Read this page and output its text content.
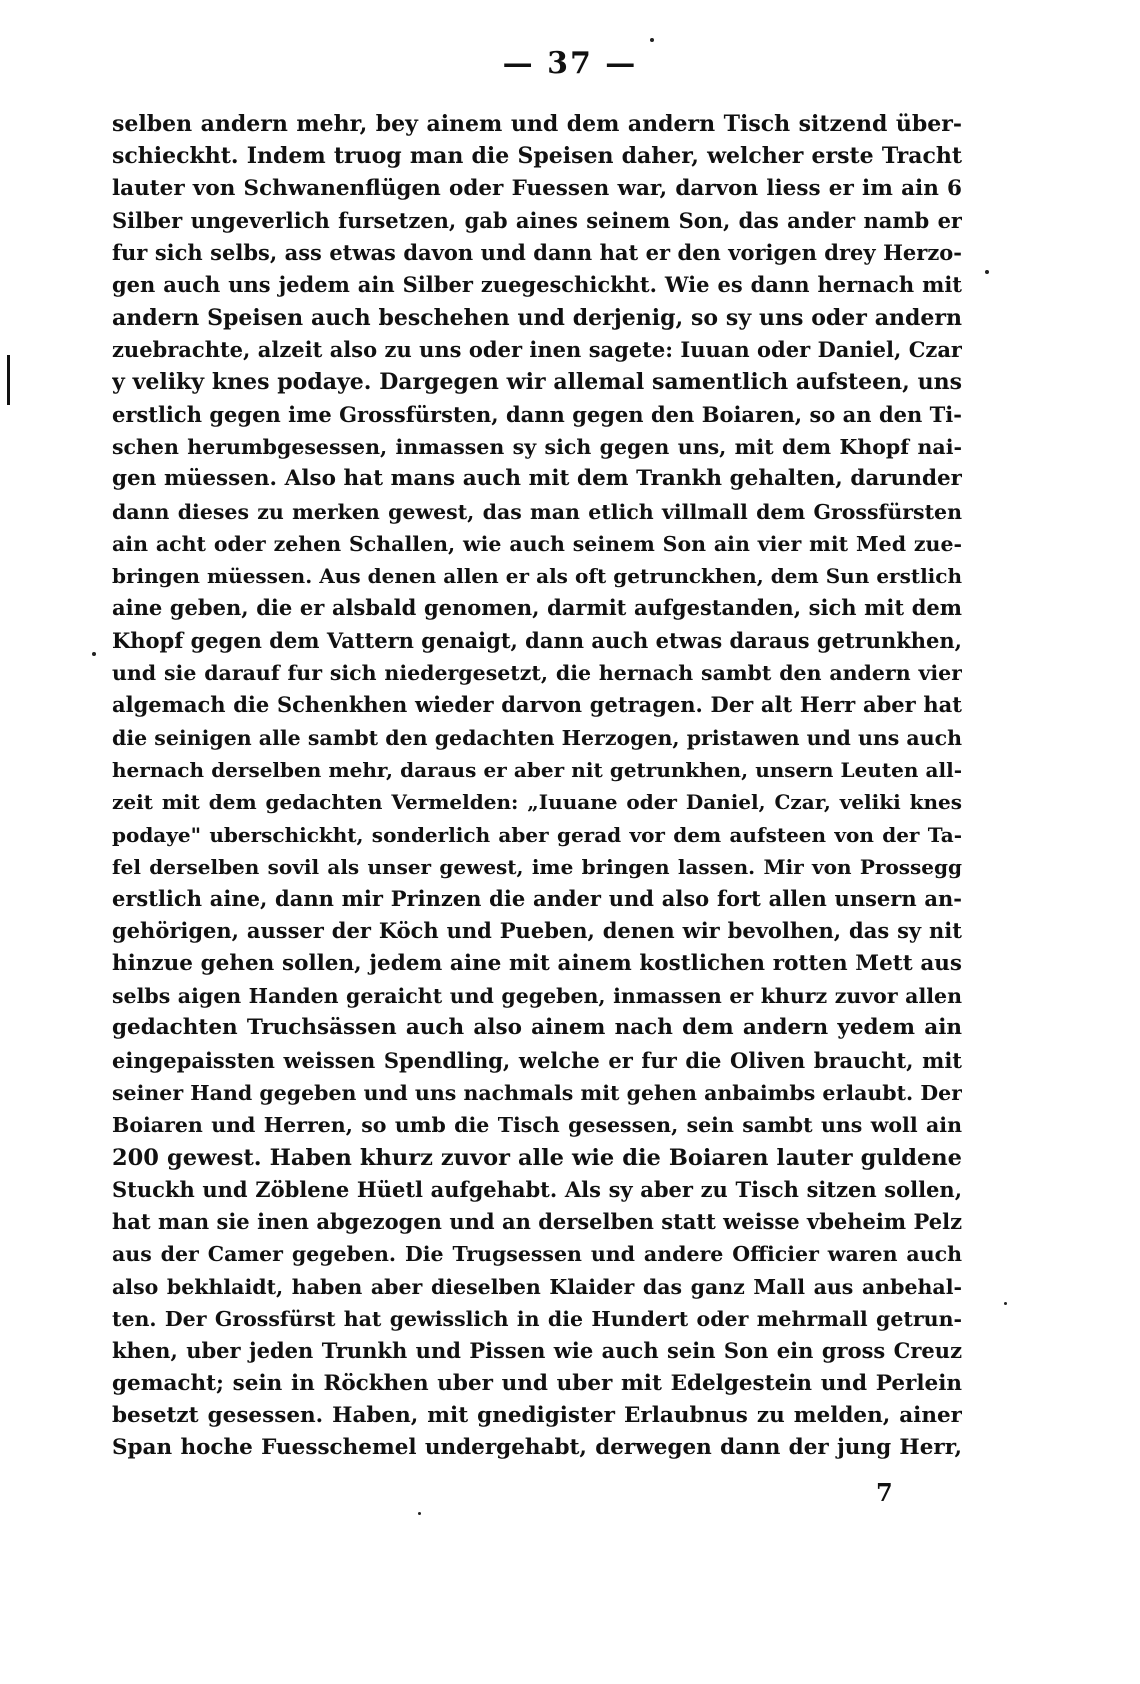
— 37 —
selben andern mehr, bey ainem und dem andern Tisch sitzend über-
schieckht. Indem truog man die Speisen daher, welcher erste Tracht
lauter von Schwanenflügen oder Fuessen war, darvon liess er im ain 6
Silber ungeverlich fursetzen, gab aines seinem Son, das ander namb er
fur sich selbs, ass etwas davon und dann hat er den vorigen drey Herzo-
gen auch uns jedem ain Silber zuegeschickht. Wie es dann hernach mit
andern Speisen auch beschehen und derjenig, so sy uns oder andern
zuebrachte, alzeit also zu uns oder inen sagete: Iuuan oder Daniel, Czar
y veliky knes podaye. Dargegen wir allemal samentlich aufsteen, uns
erstlich gegen ime Grossfürsten, dann gegen den Boiaren, so an den Ti-
schen herumbgesessen, inmassen sy sich gegen uns, mit dem Khopf nai-
gen müessen. Also hat mans auch mit dem Trankh gehalten, darunder
dann dieses zu merken gewest, das man etlich villmall dem Grossfürsten
ain acht oder zehen Schallen, wie auch seinem Son ain vier mit Med zue-
bringen müessen. Aus denen allen er als oft getrunckhen, dem Sun erstlich
aine geben, die er alsbald genomen, darmit aufgestanden, sich mit dem
Khopf gegen dem Vattern genaigt, dann auch etwas daraus getrunkhen,
und sie darauf fur sich niedergesetzt, die hernach sambt den andern vier
algemach die Schenkhen wieder darvon getragen. Der alt Herr aber hat
die seinigen alle sambt den gedachten Herzogen, pristawen und uns auch
hernach derselben mehr, daraus er aber nit getrunkhen, unsern Leuten all-
zeit mit dem gedachten Vermelden: „Iuuane oder Daniel, Czar, veliki knes
podaye" uberschickht, sonderlich aber gerad vor dem aufsteen von der Ta-
fel derselben sovil als unser gewest, ime bringen lassen. Mir von Prossegg
erstlich aine, dann mir Prinzen die ander und also fort allen unsern an-
gehörigen, ausser der Köch und Pueben, denen wir bevolhen, das sy nit
hinzue gehen sollen, jedem aine mit ainem kostlichen rotten Mett aus
selbs aigen Handen geraicht und gegeben, inmassen er khurz zuvor allen
gedachten Truchsässen auch also ainem nach dem andern yedem ain
eingepaissten weissen Spendling, welche er fur die Oliven braucht, mit
seiner Hand gegeben und uns nachmals mit gehen anbaimbs erlaubt. Der
Boiaren und Herren, so umb die Tisch gesessen, sein sambt uns woll ain
200 gewest. Haben khurz zuvor alle wie die Boiaren lauter guldene
Stuckh und Zöblene Hüetl aufgehabt. Als sy aber zu Tisch sitzen sollen,
hat man sie inen abgezogen und an derselben statt weisse vbeheim Pelz
aus der Camer gegeben. Die Trugsessen und andere Officier waren auch
also bekhlaidt, haben aber dieselben Klaider das ganz Mall aus anbehal-
ten. Der Grossfürst hat gewisslich in die Hundert oder mehrmall getrun-
khen, uber jeden Trunkh und Pissen wie auch sein Son ein gross Creuz
gemacht; sein in Röckhen uber und uber mit Edelgestein und Perlein
besetzt gesessen. Haben, mit gnedigister Erlaubnus zu melden, ainer
Span hoche Fuesschemel undergehabt, derwegen dann der jung Herr,
7
